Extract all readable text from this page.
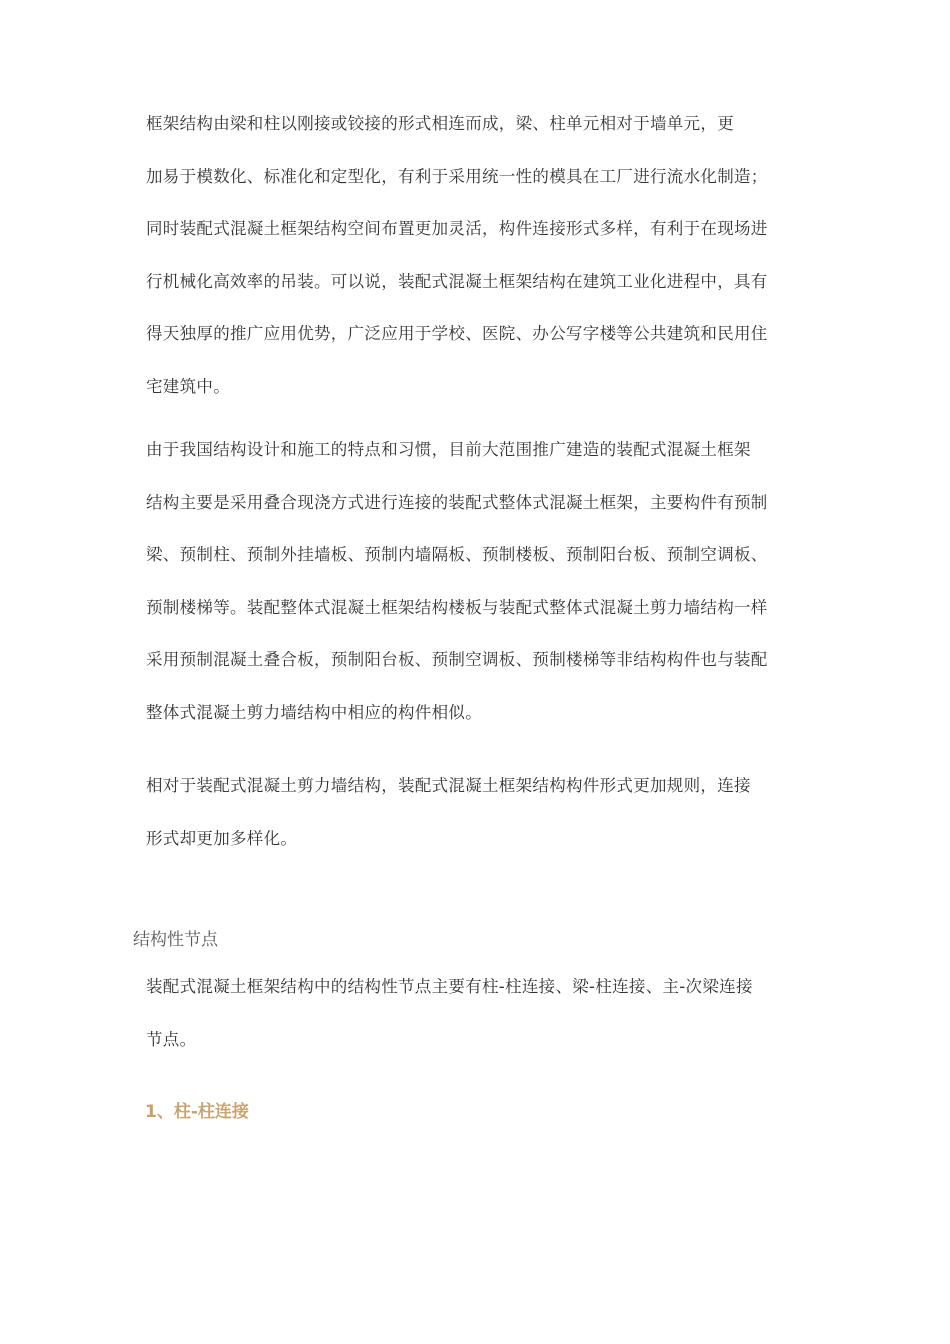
框架结构由梁和柱以刚接或铰接的形式相连而成，梁、柱单元相对于墙单元，更
加易于模数化、标准化和定型化，有利于采用统一性的模具在工厂进行流水化制造；
同时装配式混凝土框架结构空间布置更加灵活，构件连接形式多样，有利于在现场进
行机械化高效率的吊装。可以说，装配式混凝土框架结构在建筑工业化进程中，具有
得天独厚的推广应用优势，广泛应用于学校、医院、办公写字楼等公共建筑和民用住
宅建筑中。
由于我国结构设计和施工的特点和习惯，目前大范围推广建造的装配式混凝土框架
结构主要是采用叠合现浇方式进行连接的装配式整体式混凝土框架，主要构件有预制
梁、预制柱、预制外挂墙板、预制内墙隔板、预制楼板、预制阳台板、预制空调板、
预制楼梯等。装配整体式混凝土框架结构楼板与装配式整体式混凝土剪力墙结构一样
采用预制混凝土叠合板，预制阳台板、预制空调板、预制楼梯等非结构构件也与装配
整体式混凝土剪力墙结构中相应的构件相似。
相对于装配式混凝土剪力墙结构，装配式混凝土框架结构构件形式更加规则，连接
形式却更加多样化。
结构性节点
装配式混凝土框架结构中的结构性节点主要有柱-柱连接、梁-柱连接、主-次梁连接
节点。
1、柱-柱连接
